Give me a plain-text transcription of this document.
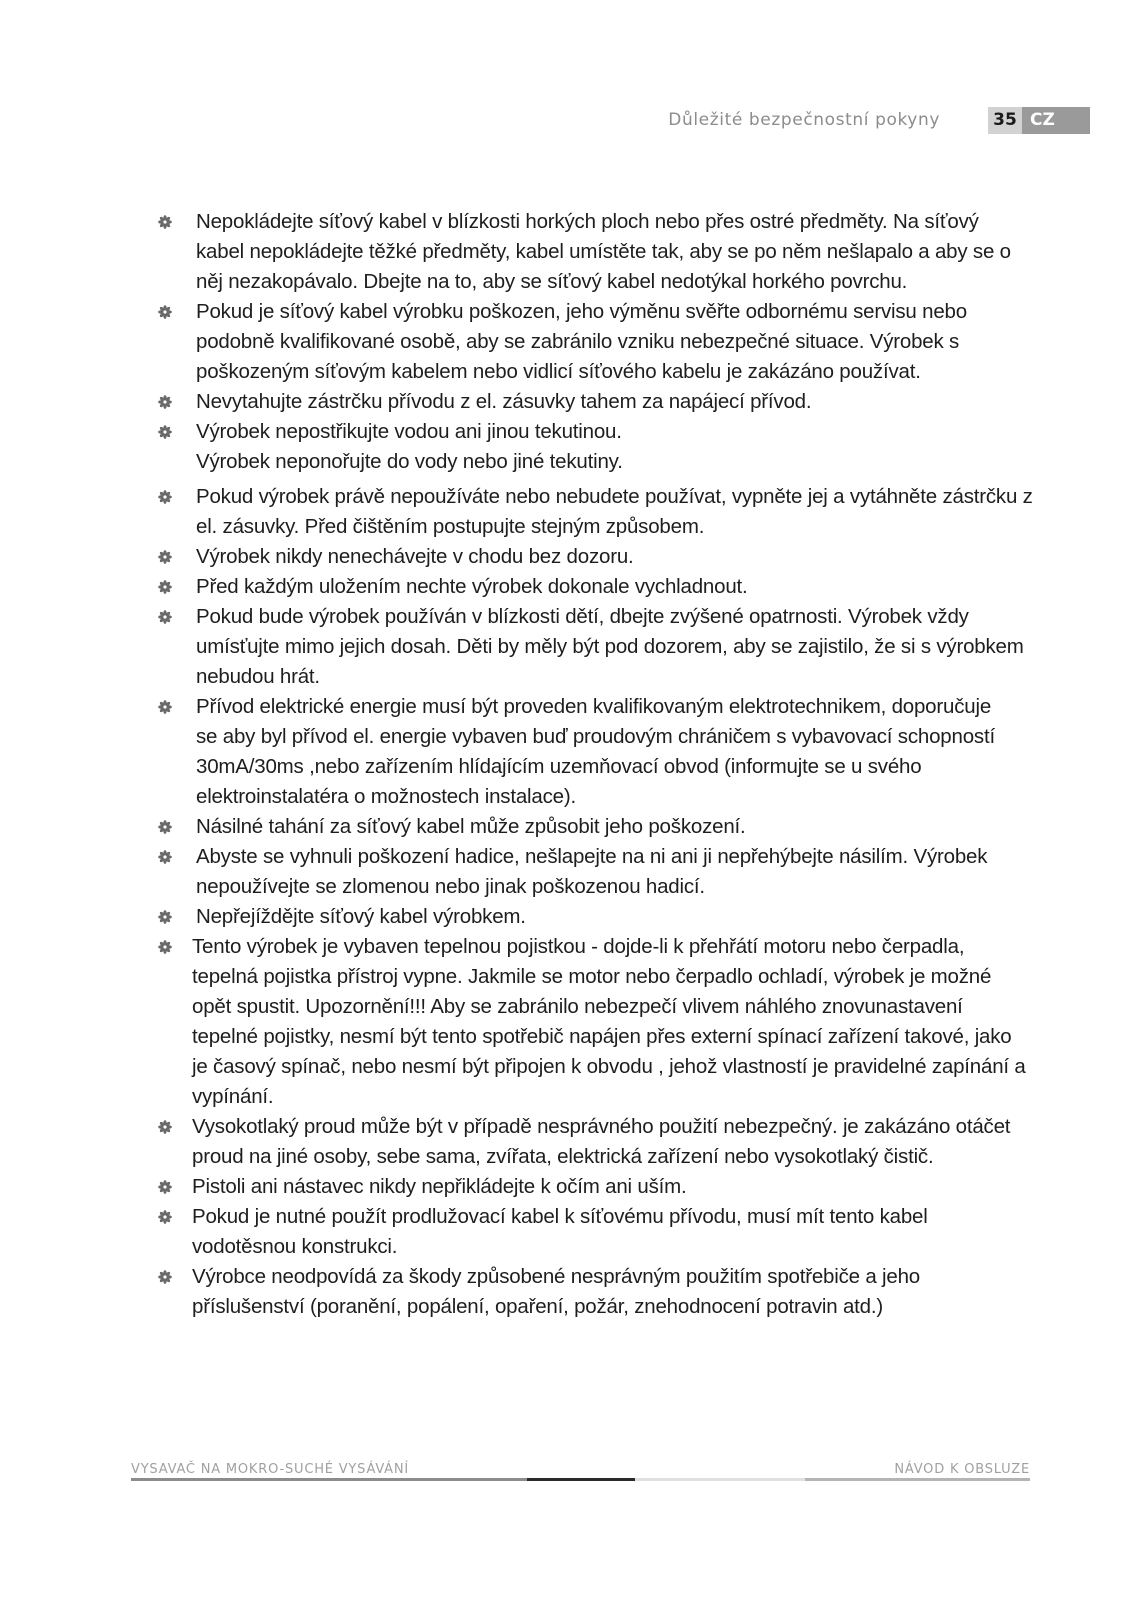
Důležité bezpečnostní pokyny	35 CZ
Nepokládejte síťový kabel v blízkosti horkých ploch nebo přes ostré předměty. Na síťový
kabel nepokládejte těžké předměty, kabel umístěte tak, aby se po něm nešlapalo a aby se o
něj nezakopávalo. Dbejte na to, aby se síťový kabel nedotýkal horkého povrchu.
Pokud je síťový kabel výrobku poškozen, jeho výměnu svěřte odbornému servisu nebo
podobně kvalifikované osobě, aby se zabránilo vzniku nebezpečné situace. Výrobek s
poškozeným síťovým kabelem nebo vidlicí síťového kabelu je zakázáno používat.
Nevytahujte zástrčku přívodu z el. zásuvky tahem za napájecí přívod.
Výrobek nepostřikujte vodou ani jinou tekutinou.
Výrobek neponořujte do vody nebo jiné tekutiny.
Pokud výrobek právě nepoužíváte nebo nebudete používat, vypněte jej a vytáhněte zástrčku z
el. zásuvky. Před čištěním postupujte stejným způsobem.
Výrobek nikdy nenechávejte v chodu bez dozoru.
Před každým uložením nechte výrobek dokonale vychladnout.
Pokud bude výrobek používán v blízkosti dětí, dbejte zvýšené opatrnosti. Výrobek vždy
umísťujte mimo jejich dosah. Děti by měly být pod dozorem, aby se zajistilo, že si s výrobkem
nebudou hrát.
Přívod elektrické energie musí být proveden kvalifikovaným elektrotechnikem, doporučuje
se aby byl přívod el. energie vybaven buď proudovým chráničem s vybavovací schopností
30mA/30ms ,nebo zařízením hlídajícím uzemňovací obvod (informujte se u svého
elektroinstalatéra o možnostech instalace).
Násilné tahání za síťový kabel může způsobit jeho poškození.
Abyste se vyhnuli poškození hadice, nešlapejte na ni ani ji nepřehýbejte násilím. Výrobek
nepoužívejte se zlomenou nebo jinak poškozenou hadicí.
Nepřejíždějte síťový kabel výrobkem.
Tento výrobek je vybaven tepelnou pojistkou - dojde-li k přehřátí motoru nebo čerpadla,
tepelná pojistka přístroj vypne. Jakmile se motor nebo čerpadlo ochladí, výrobek je možné
opět spustit. Upozornění!!! Aby se zabránilo nebezpečí vlivem náhlého znovunastavení
tepelné pojistky, nesmí být tento spotřebič napájen přes externí spínací zařízení takové, jako
je časový spínač, nebo nesmí být připojen k obvodu , jehož vlastností je pravidelné zapínání a
vypínání.
Vysokotlaký proud může být v případě nesprávného použití nebezpečný. je zakázáno otáčet
proud na jiné osoby, sebe sama, zvířata, elektrická zařízení nebo vysokotlaký čistič.
Pistoli ani nástavec nikdy nepřikládejte k očím ani uším.
Pokud je nutné použít prodlužovací kabel k síťovému přívodu, musí mít tento kabel
vodotěsnou konstrukci.
Výrobce neodpovídá za škody způsobené nesprávným použitím spotřebiče a jeho
příslušenství (poranění, popálení, opaření, požár, znehodnocení potravin atd.)
VYSAVAČ NA MOKRO-SUCHÉ VYSÁVÁNÍ	NÁVOD K OBSLUZE
